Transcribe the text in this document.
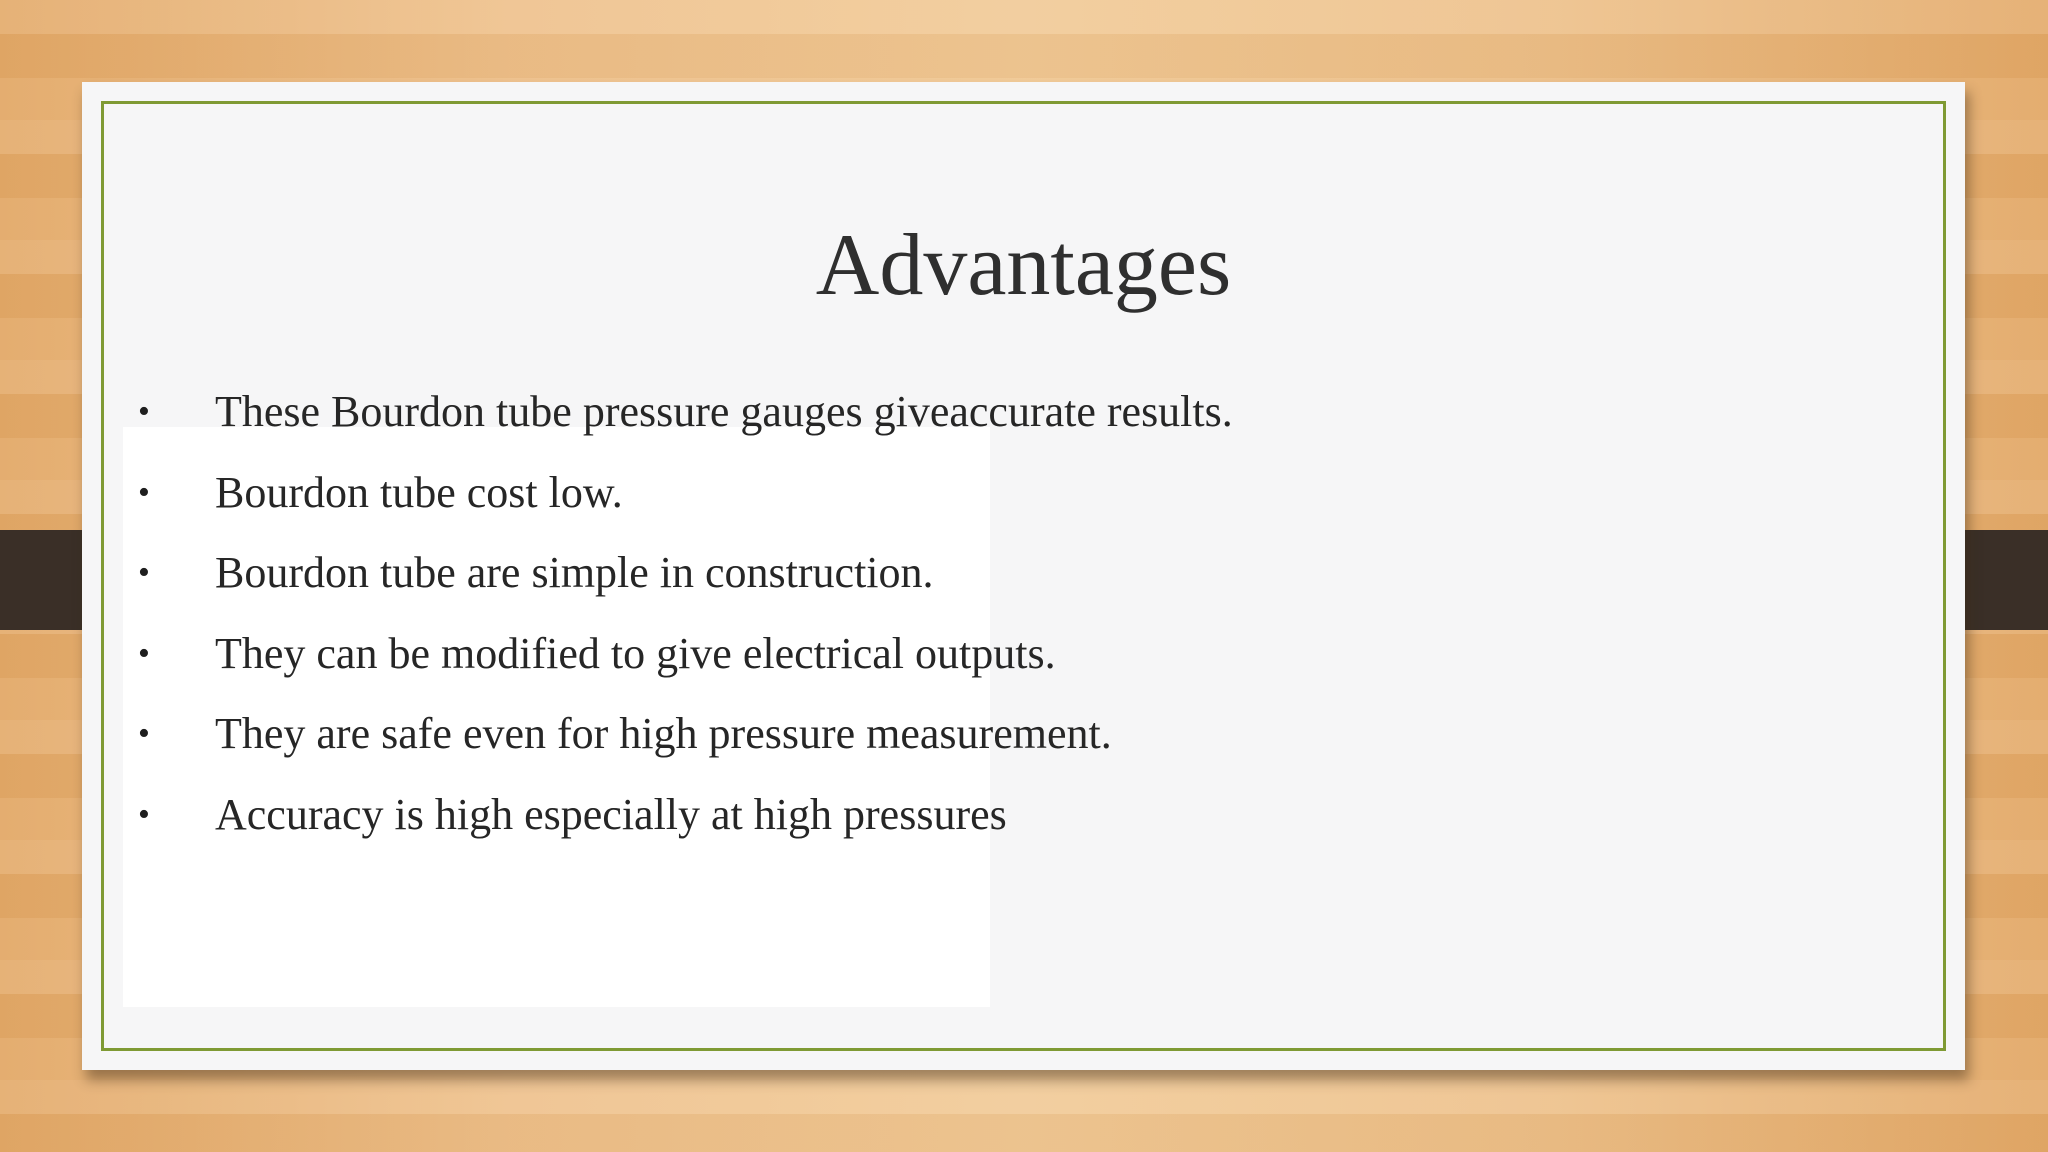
Advantages
• These Bourdon tube pressure gauges giveaccurate results.
• Bourdon tube cost low.
• Bourdon tube are simple in construction.
• They can be modified to give electrical outputs.
• They are safe even for high pressure measurement.
• Accuracy is high especially at high pressures
